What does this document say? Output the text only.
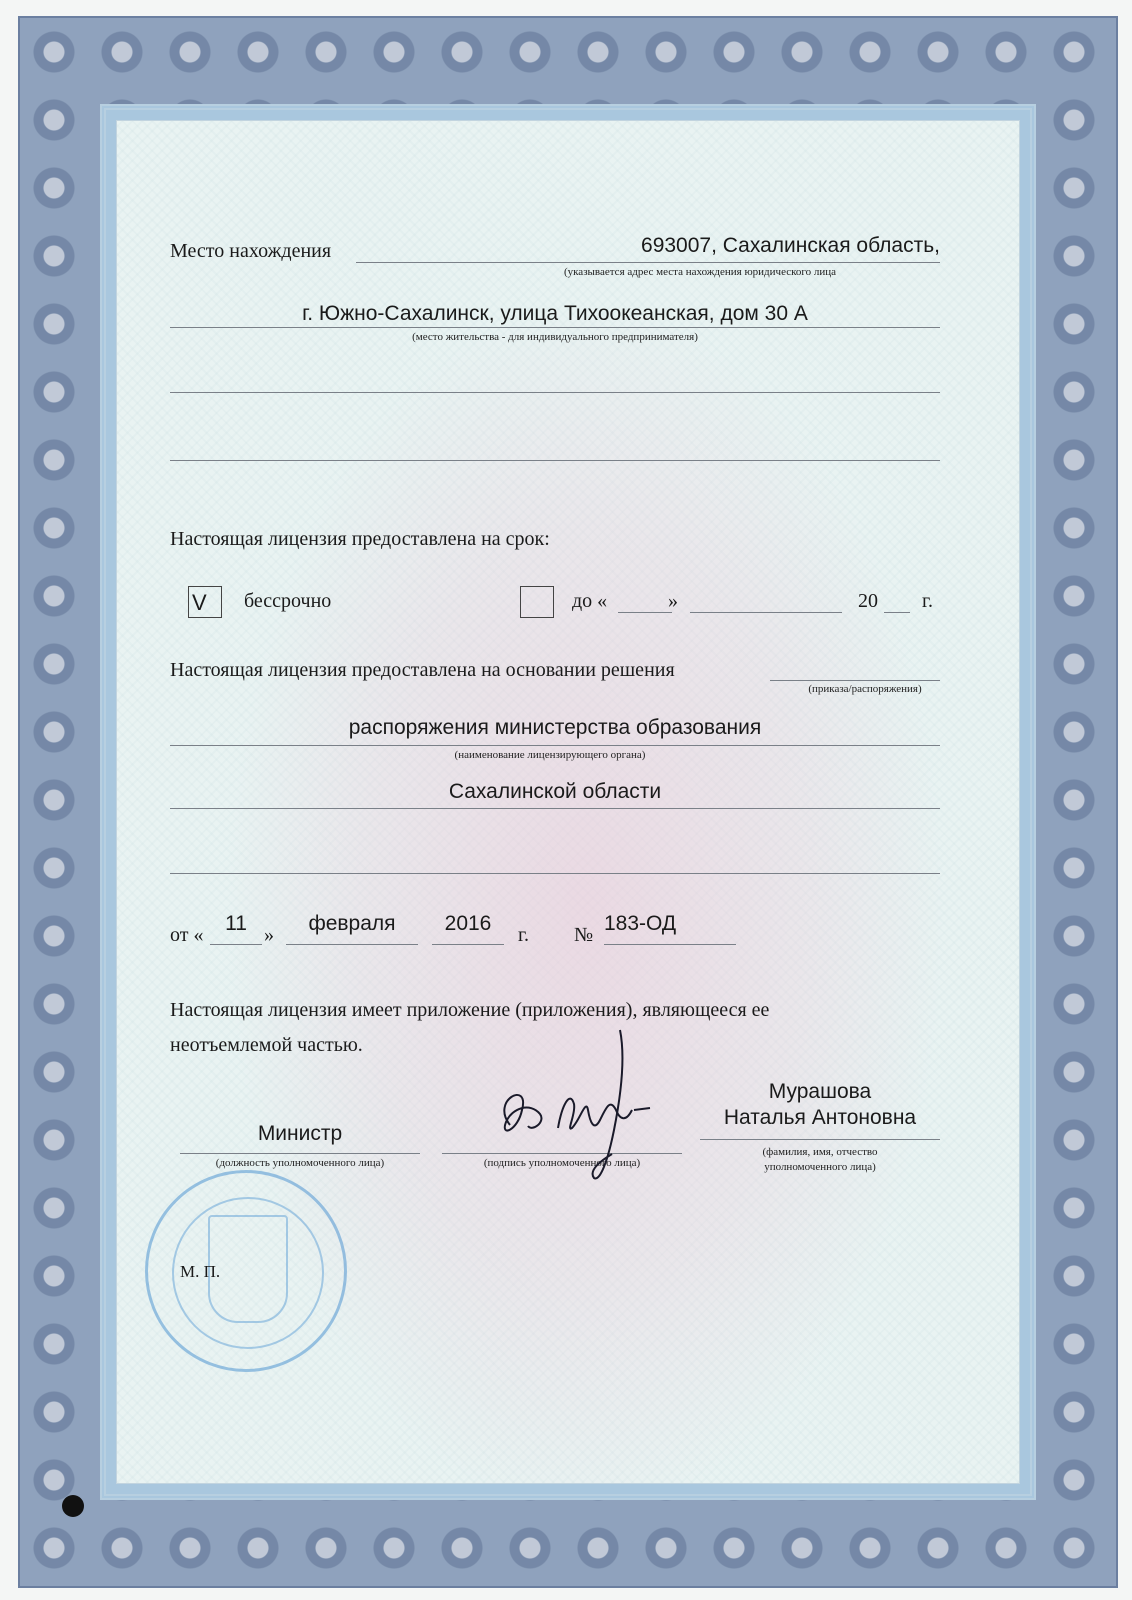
Место нахождения	693007, Сахалинская область,
(указывается адрес места нахождения юридического лица
г. Южно-Сахалинск, улица Тихоокеанская, дом 30 А
(место жительства - для индивидуального предпринимателя)
Настоящая лицензия предоставлена на срок:
V бессрочно	до «	»	20 г.
Настоящая лицензия предоставлена на основании решения
(приказа/распоряжения)
распоряжения министерства образования
(наименование лицензирующего органа)
Сахалинской области
от «	11 »	февраля	2016	г. № 183-ОД
Настоящая лицензия имеет приложение (приложения), являющееся ее
неотъемлемой частью.
Министр
(должность уполномоченного лица)	(подпись уполномоченного лица)
Мурашова
Наталья Антоновна
(фамилия, имя, отчество
уполномоченного лица)
М. П.
